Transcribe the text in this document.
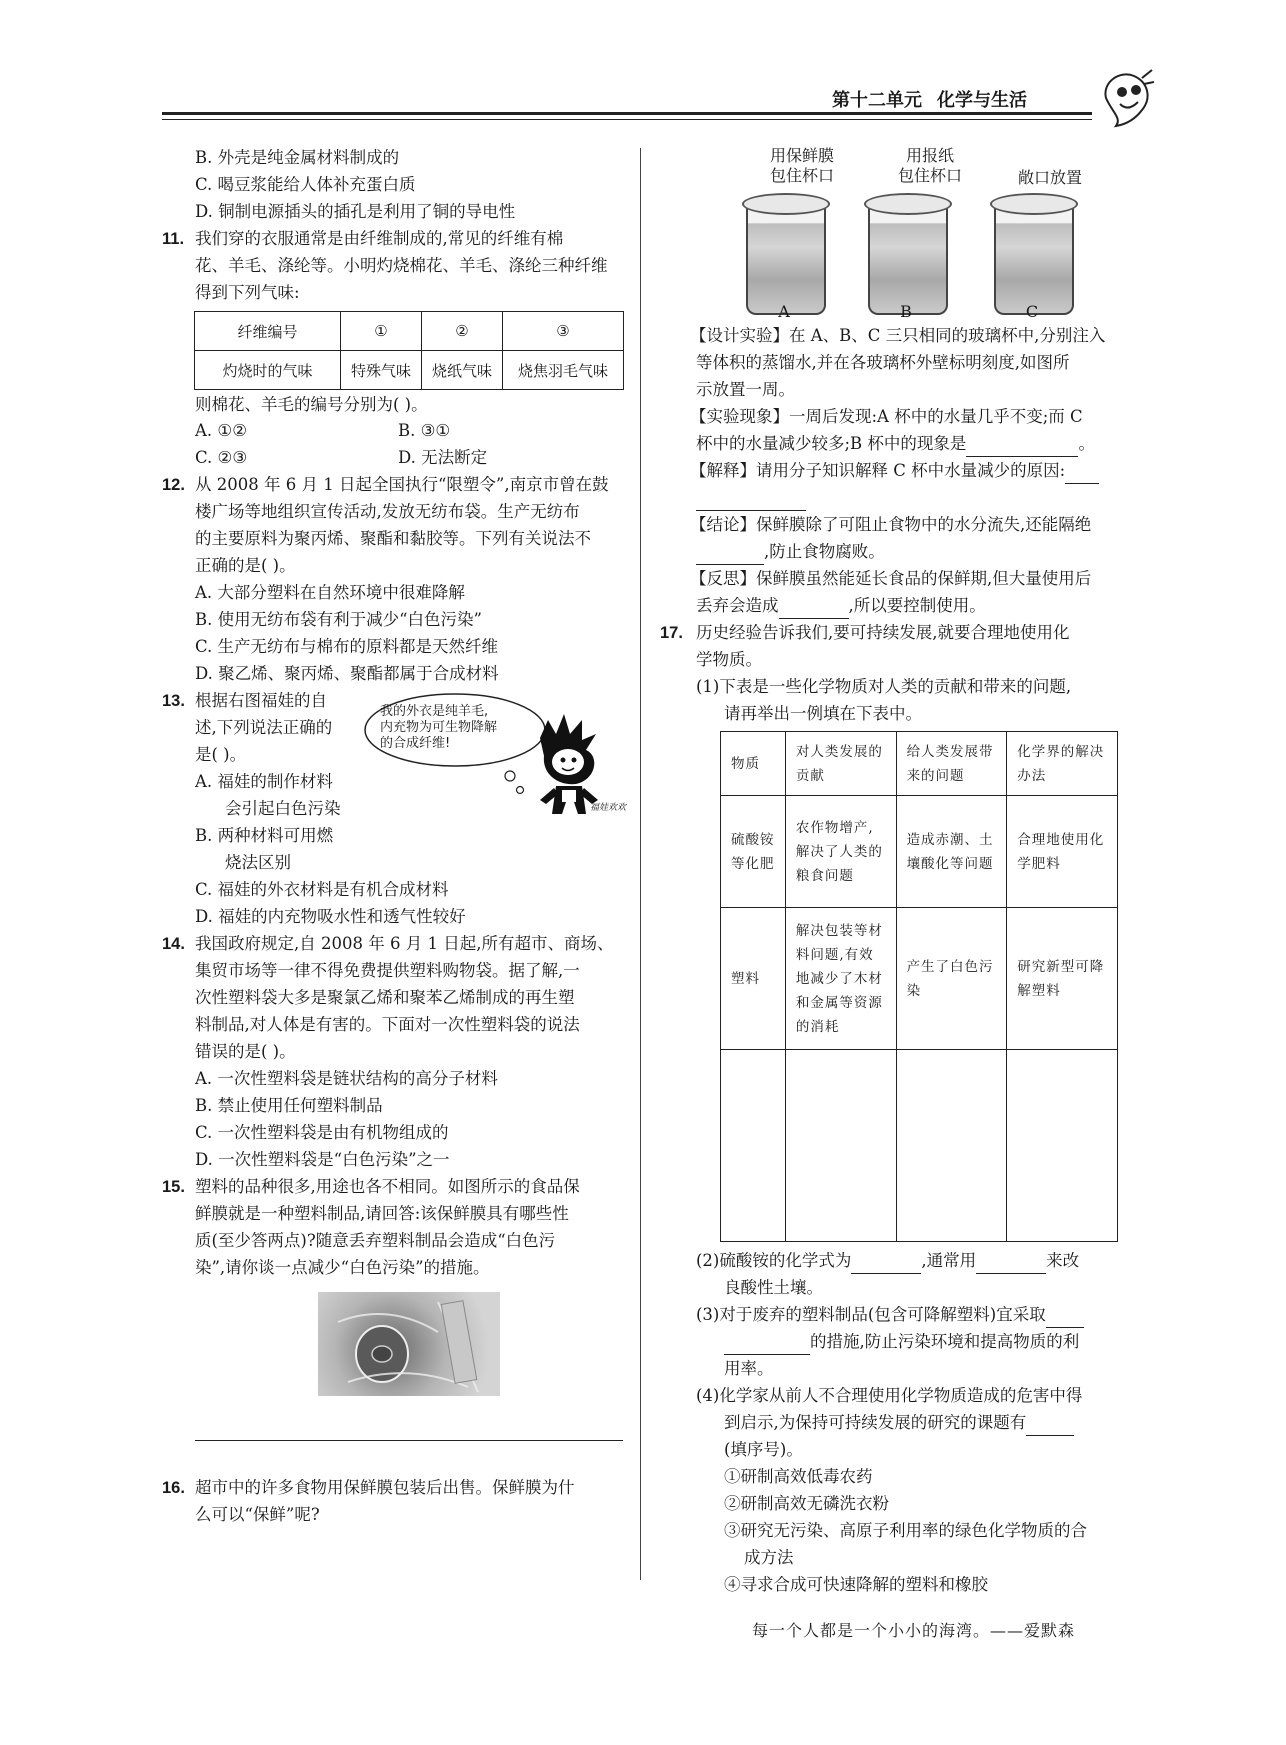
第十二单元 化学与生活
B. 外壳是纯金属材料制成的
C. 喝豆浆能给人体补充蛋白质
D. 铜制电源插头的插孔是利用了铜的导电性
11. 我们穿的衣服通常是由纤维制成的,常见的纤维有棉
花、羊毛、涤纶等。小明灼烧棉花、羊毛、涤纶三种纤维
得到下列气味:
纤维编号	①	②	③
灼烧时的气味	特殊气味	烧纸气味	烧焦羽毛气味
则棉花、羊毛的编号分别为( )。
A. ①②	B. ③①
C. ②③	D. 无法断定
12. 从 2008 年 6 月 1 日起全国执行“限塑令”,南京市曾在鼓
楼广场等地组织宣传活动,发放无纺布袋。生产无纺布
的主要原料为聚丙烯、聚酯和黏胶等。下列有关说法不
正确的是( )。
A. 大部分塑料在自然环境中很难降解
B. 使用无纺布袋有利于减少“白色污染”
C. 生产无纺布与棉布的原料都是天然纤维
D. 聚乙烯、聚丙烯、聚酯都属于合成材料
13. 根据右图福娃的自
述,下列说法正确的
是( )。
A. 福娃的制作材料
会引起白色污染
B. 两种材料可用燃
烧法区别
C. 福娃的外衣材料是有机合成材料
D. 福娃的内充物吸水性和透气性较好
我的外衣是纯羊毛,
内充物为可生物降解
的合成纤维!
福娃欢欢
14. 我国政府规定,自 2008 年 6 月 1 日起,所有超市、商场、
集贸市场等一律不得免费提供塑料购物袋。据了解,一
次性塑料袋大多是聚氯乙烯和聚苯乙烯制成的再生塑
料制品,对人体是有害的。下面对一次性塑料袋的说法
错误的是( )。
A. 一次性塑料袋是链状结构的高分子材料
B. 禁止使用任何塑料制品
C. 一次性塑料袋是由有机物组成的
D. 一次性塑料袋是“白色污染”之一
15. 塑料的品种很多,用途也各不相同。如图所示的食品保
鲜膜就是一种塑料制品,请回答:该保鲜膜具有哪些性
质(至少答两点)?随意丢弃塑料制品会造成“白色污
染”,请你谈一点减少“白色污染”的措施。
16. 超市中的许多食物用保鲜膜包装后出售。保鲜膜为什
么可以“保鲜”呢?
用保鲜膜
包住杯口
用报纸
包住杯口	敞口放置
A	B	C
【设计实验】在 A、B、C 三只相同的玻璃杯中,分别注入
等体积的蒸馏水,并在各玻璃杯外壁标明刻度,如图所
示放置一周。
【实验现象】一周后发现:A 杯中的水量几乎不变;而 C
杯中的水量减少较多;B 杯中的现象是	。
【解释】请用分子知识解释 C 杯中水量减少的原因:
【结论】保鲜膜除了可阻止食物中的水分流失,还能隔绝
,防止食物腐败。
【反思】保鲜膜虽然能延长食品的保鲜期,但大量使用后
丢弃会造成	,所以要控制使用。
17. 历史经验告诉我们,要可持续发展,就要合理地使用化
学物质。
(1)下表是一些化学物质对人类的贡献和带来的问题,
请再举出一例填在下表中。
物质	对人类发展的贡献	给人类发展带来的问题	化学界的解决办法
硫酸铵等化肥	农作物增产,解决了人类的粮食问题	造成赤潮、土壤酸化等问题	合理地使用化学肥料
塑料	解决包装等材料问题,有效地减少了木材和金属等资源的消耗	产生了白色污染	研究新型可降解塑料

(2)硫酸铵的化学式为	,通常用	来改
良酸性土壤。
(3)对于废弃的塑料制品(包含可降解塑料)宜采取
的措施,防止污染环境和提高物质的利
用率。
(4)化学家从前人不合理使用化学物质造成的危害中得
到启示,为保持可持续发展的研究的课题有
(填序号)。
①研制高效低毒农药
②研制高效无磷洗衣粉
③研究无污染、高原子利用率的绿色化学物质的合
成方法
④寻求合成可快速降解的塑料和橡胶
每一个人都是一个小小的海湾。——爱默森
